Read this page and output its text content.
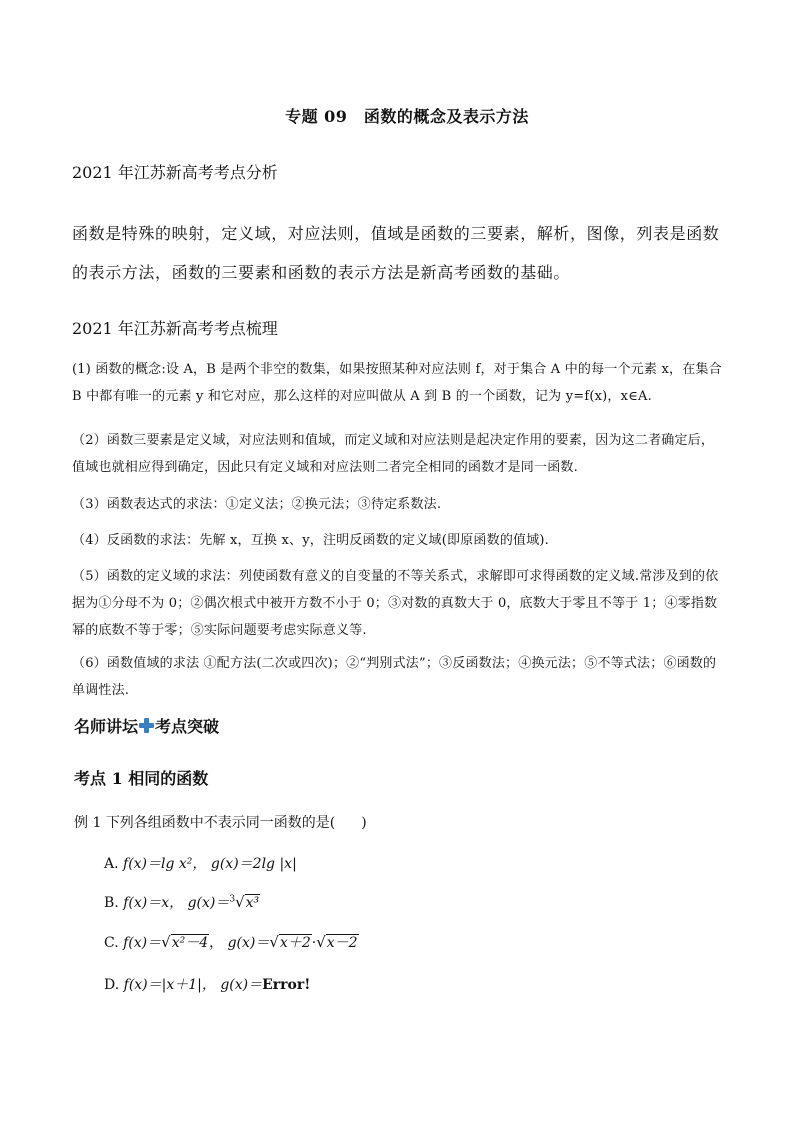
专题 09　函数的概念及表示方法
2021 年江苏新高考考点分析
函数是特殊的映射，定义域，对应法则，值域是函数的三要素，解析，图像，列表是函数的表示方法，函数的三要素和函数的表示方法是新高考函数的基础。
2021 年江苏新高考考点梳理
(1) 函数的概念:设 A，B 是两个非空的数集，如果按照某种对应法则 f，对于集合 A 中的每一个元素 x，在集合 B 中都有唯一的元素 y 和它对应，那么这样的对应叫做从 A 到 B 的一个函数，记为 y=f(x)，x∈A.
（2）函数三要素是定义域，对应法则和值域，而定义域和对应法则是起决定作用的要素，因为这二者确定后，值域也就相应得到确定，因此只有定义域和对应法则二者完全相同的函数才是同一函数.
（3）函数表达式的求法：①定义法；②换元法；③待定系数法.
（4）反函数的求法：先解 x，互换 x、y，注明反函数的定义域(即原函数的值域).
（5）函数的定义域的求法：列使函数有意义的自变量的不等关系式，求解即可求得函数的定义域.常涉及到的依据为①分母不为 0；②偶次根式中被开方数不小于 0；③对数的真数大于 0，底数大于零且不等于 1；④零指数幂的底数不等于零；⑤实际问题要考虑实际意义等.
（6）函数值域的求法 ①配方法(二次或四次)；②“判别式法”；③反函数法；④换元法；⑤不等式法；⑥函数的单调性法.
名师讲坛 考点突破
考点 1 相同的函数
例 1 下列各组函数中不表示同一函数的是( )
A. f(x)＝lg x²， g(x)＝2lg |x|
B. f(x)＝x， g(x)＝$^3$√x³
C. f(x)＝√x²－4， g(x)＝√x＋2·√x－2
D. f(x)＝|x＋1|， g(x)＝Error!
